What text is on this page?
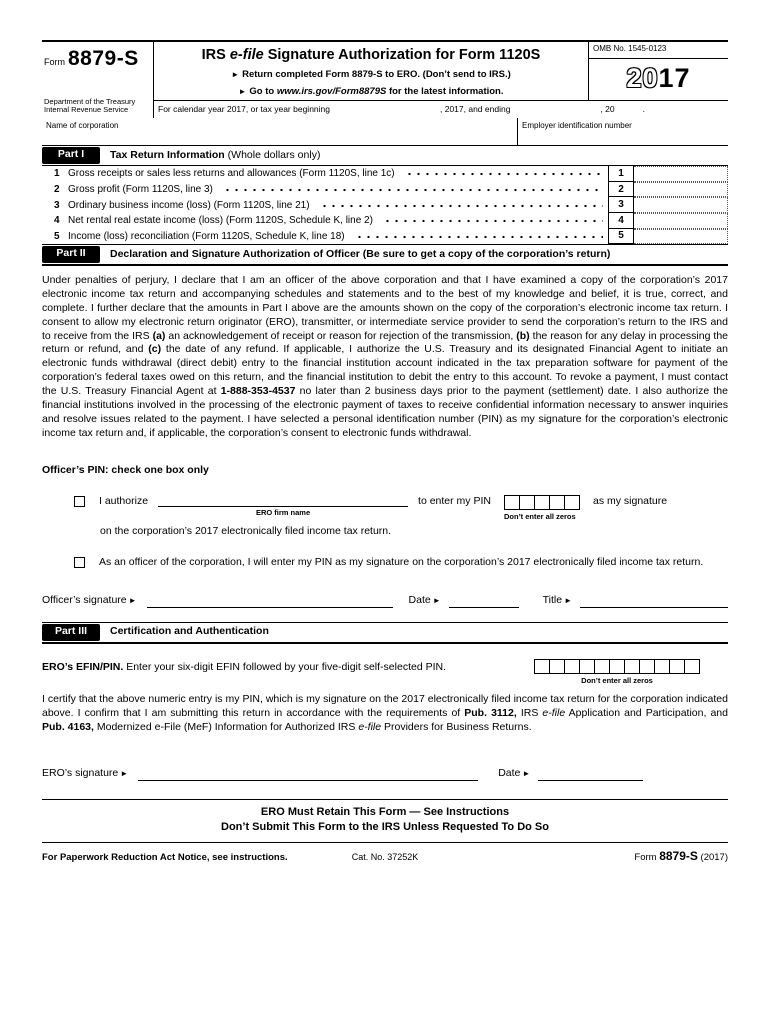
Form 8879-S
Department of the Treasury
Internal Revenue Service
IRS e-file Signature Authorization for Form 1120S
► Return completed Form 8879-S to ERO. (Don’t send to IRS.)
► Go to www.irs.gov/Form8879S for the latest information.
OMB No. 1545-0123
2017
For calendar year 2017, or tax year beginning	, 2017, and ending	, 20	.
Name of corporation	Employer identification number
Part I	Tax Return Information (Whole dollars only)
1 Gross receipts or sales less returns and allowances (Form 1120S, line 1c)	1
2 Gross profit (Form 1120S, line 3)	2
3 Ordinary business income (loss) (Form 1120S, line 21)	3
4 Net rental real estate income (loss) (Form 1120S, Schedule K, line 2)	4
5 Income (loss) reconciliation (Form 1120S, Schedule K, line 18)	5
Part II	Declaration and Signature Authorization of Officer (Be sure to get a copy of the corporation’s return)

Under penalties of perjury, I declare that I am an officer of the above corporation and that I have examined a copy of the corporation’s 2017 electronic income tax return and accompanying schedules and statements and to the best of my knowledge and belief, it is true, correct, and complete. I further declare that the amounts in Part I above are the amounts shown on the copy of the corporation’s electronic income tax return. I consent to allow my electronic return originator (ERO), transmitter, or intermediate service provider to send the corporation’s return to the IRS and to receive from the IRS (a) an acknowledgement of receipt or reason for rejection of the transmission, (b) the reason for any delay in processing the return or refund, and (c) the date of any refund. If applicable, I authorize the U.S. Treasury and its designated Financial Agent to initiate an electronic funds withdrawal (direct debit) entry to the financial institution account indicated in the tax preparation software for payment of the corporation’s federal taxes owed on this return, and the financial institution to debit the entry to this account. To revoke a payment, I must contact the U.S. Treasury Financial Agent at 1-888-353-4537 no later than 2 business days prior to the payment (settlement) date. I also authorize the financial institutions involved in the processing of the electronic payment of taxes to receive confidential information necessary to answer inquiries and resolve issues related to the payment. I have selected a personal identification number (PIN) as my signature for the corporation’s electronic income tax return and, if applicable, the corporation’s consent to electronic funds withdrawal.

Officer’s PIN: check one box only
I authorize
ERO firm name
to enter my PIN
Don’t enter all zeros
as my signature
on the corporation’s 2017 electronically filed income tax return.
As an officer of the corporation, I will enter my PIN as my signature on the corporation’s 2017 electronically filed income tax return.
Officer’s signature ►	Date ►	Title ►
Part III	Certification and Authentication
ERO’s EFIN/PIN. Enter your six-digit EFIN followed by your five-digit self-selected PIN.
Don’t enter all zeros

I certify that the above numeric entry is my PIN, which is my signature on the 2017 electronically filed income tax return for the corporation indicated above. I confirm that I am submitting this return in accordance with the requirements of Pub. 3112, IRS e-file Application and Participation, and Pub. 4163, Modernized e-File (MeF) Information for Authorized IRS e-file Providers for Business Returns.

ERO’s signature ►	Date ►
ERO Must Retain This Form — See Instructions
Don’t Submit This Form to the IRS Unless Requested To Do So
For Paperwork Reduction Act Notice, see instructions.	Cat. No. 37252K	Form 8879-S (2017)
